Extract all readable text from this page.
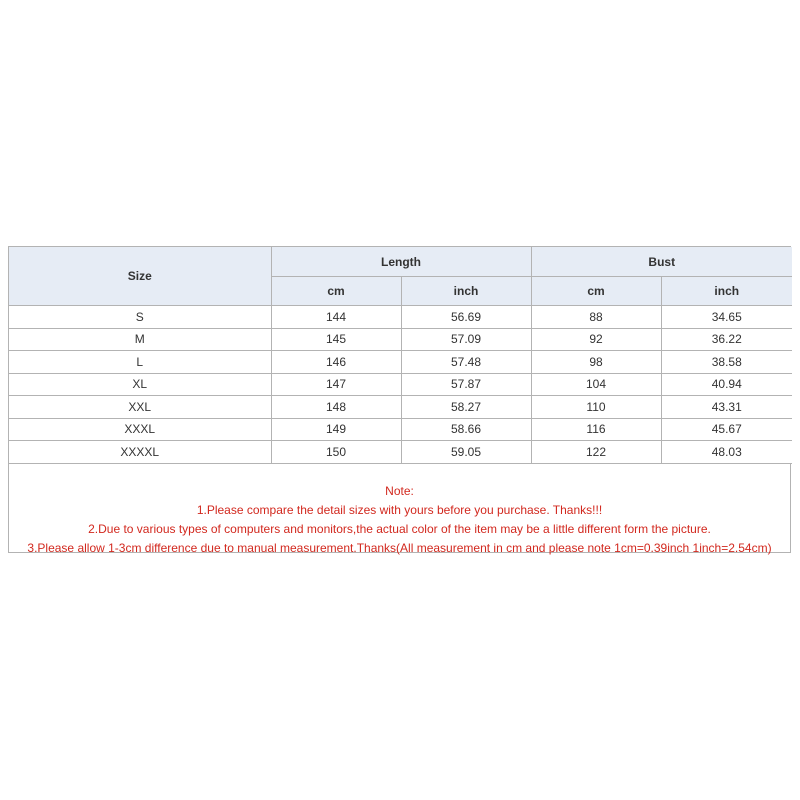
Size	Length		Bust	
	cm	inch	cm	inch
S	144	56.69	88	34.65
M	145	57.09	92	36.22
L	146	57.48	98	38.58
XL	147	57.87	104	40.94
XXL	148	58.27	110	43.31
XXXL	149	58.66	116	45.67
XXXXL	150	59.05	122	48.03
Note:
1.Please compare the detail sizes with yours before you purchase. Thanks!!!
2.Due to various types of computers and monitors,the actual color of the item may be a little different form the picture.
3.Please allow 1-3cm difference due to manual measurement.Thanks(All measurement in cm and please note 1cm=0.39inch 1inch=2.54cm)
